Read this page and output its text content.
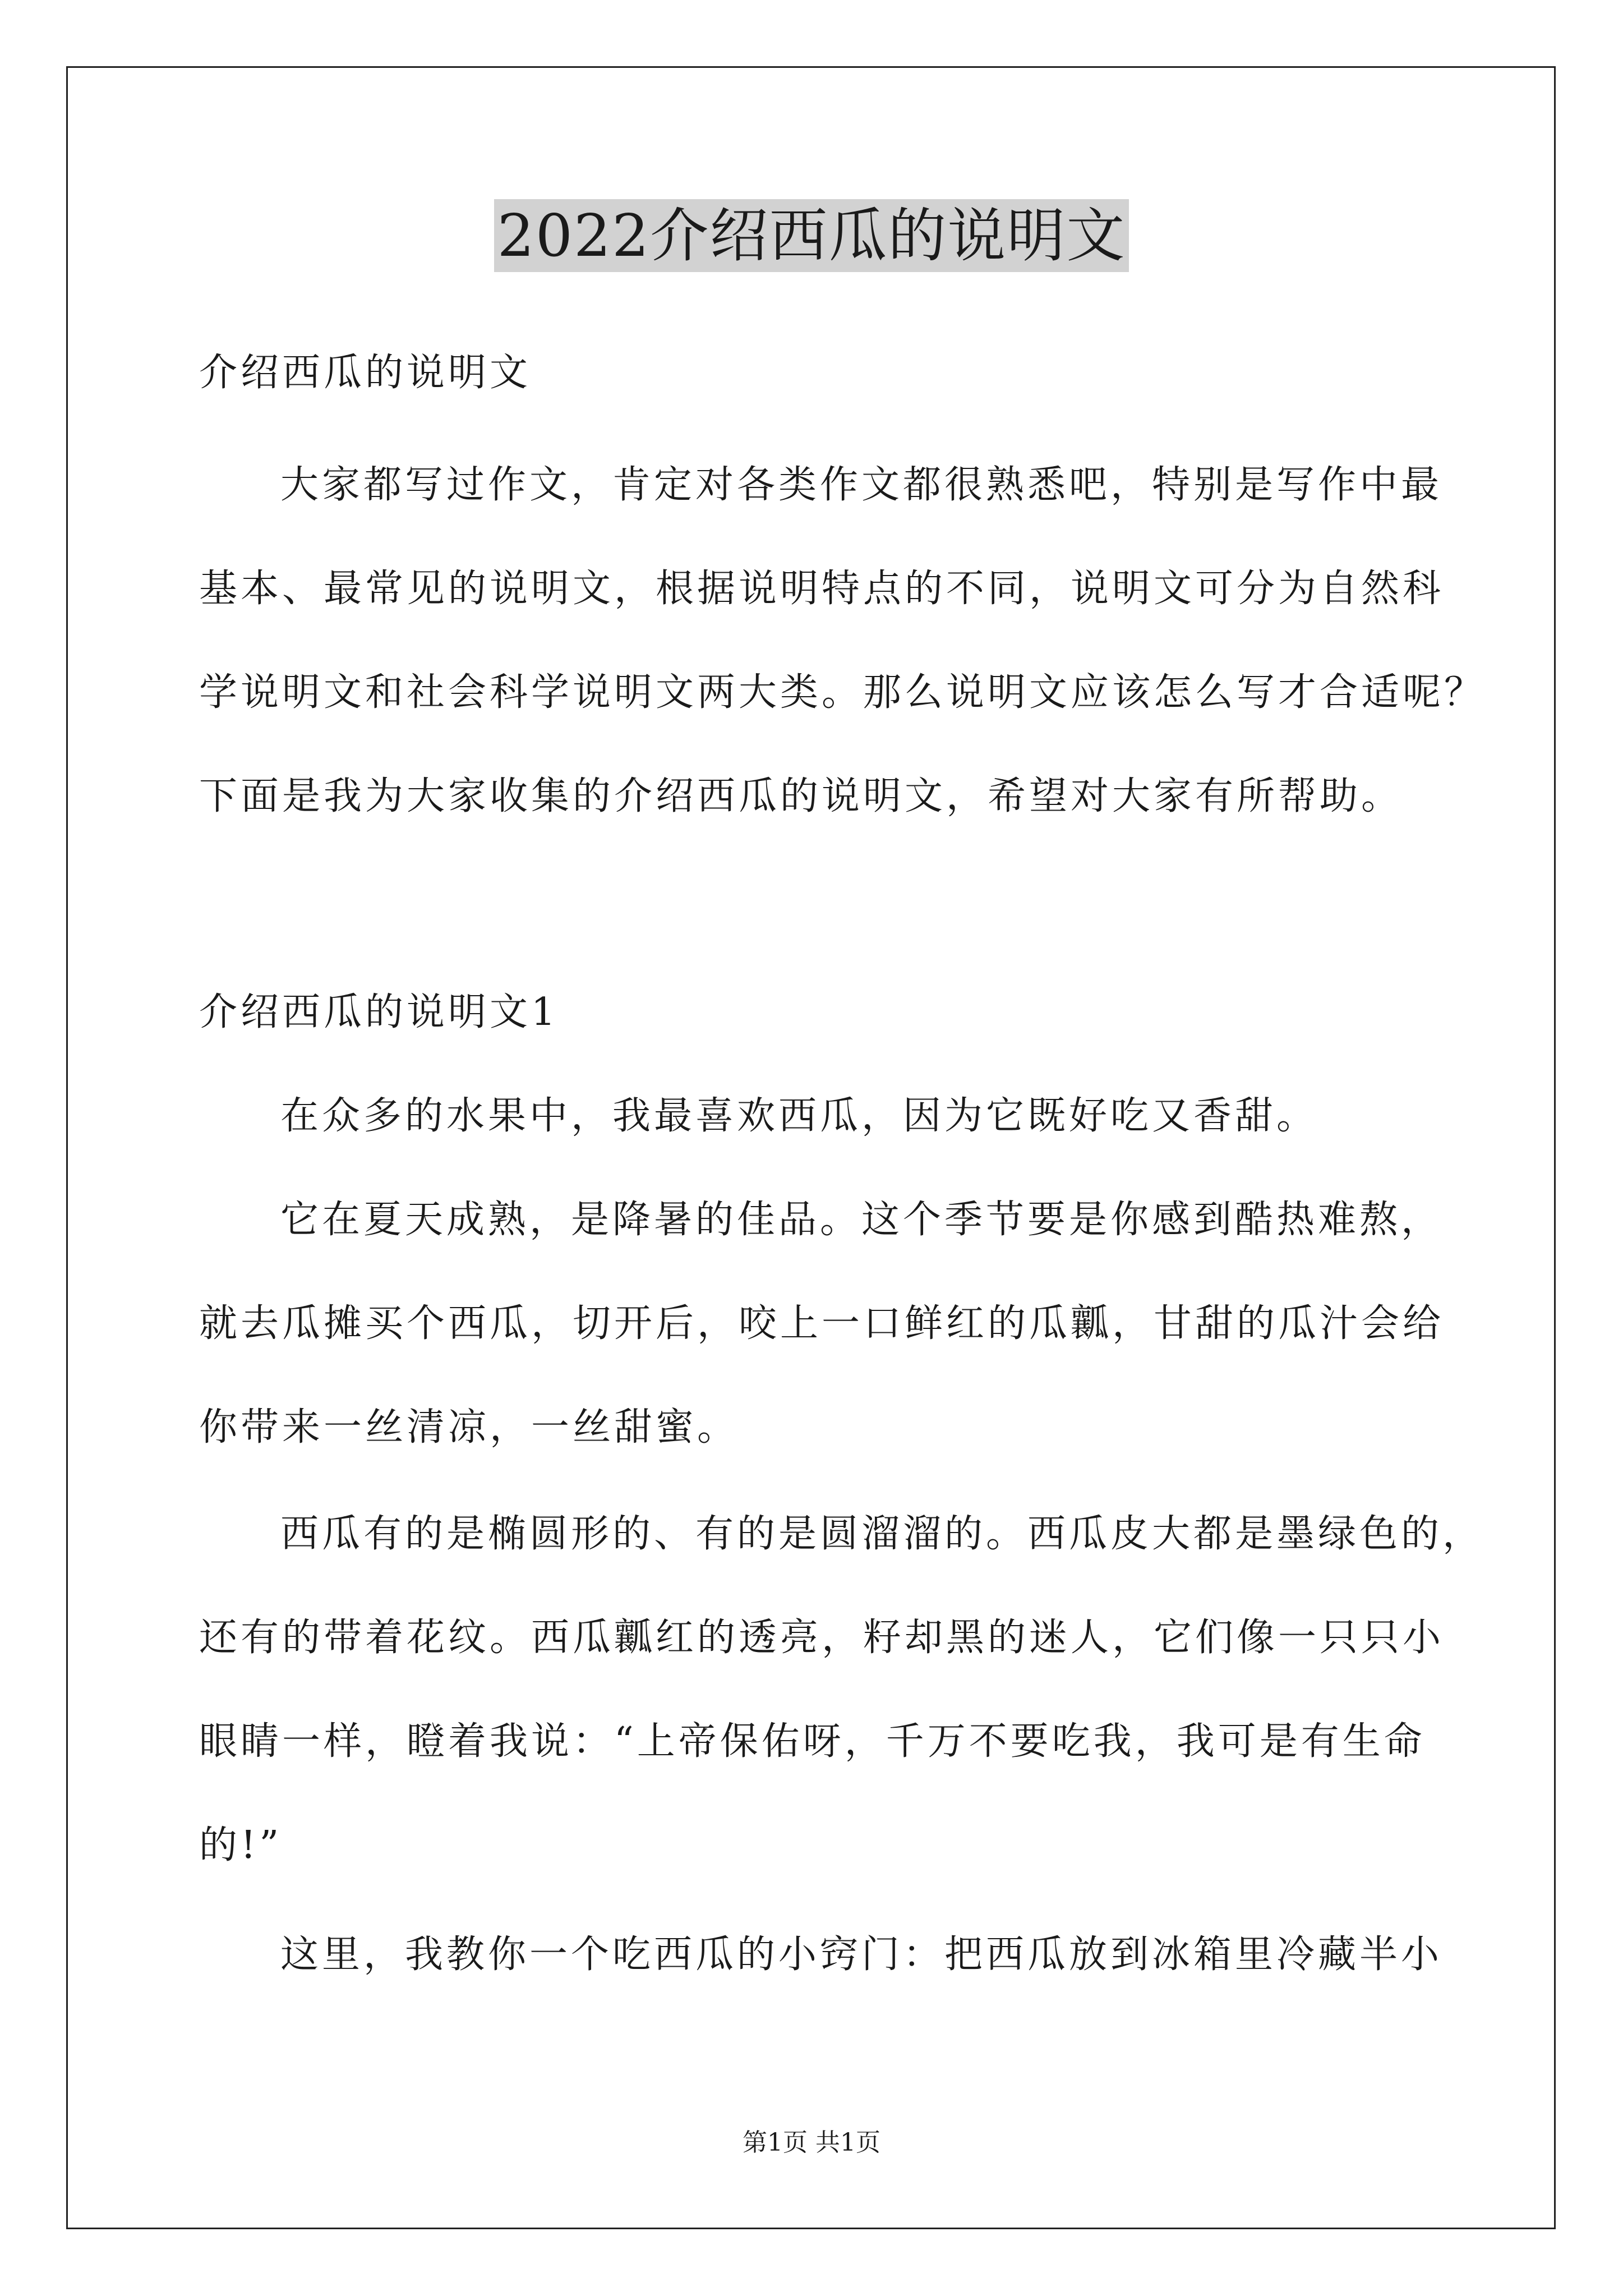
2022介绍西瓜的说明文
介绍西瓜的说明文
大家都写过作文，肯定对各类作文都很熟悉吧，特别是写作中最
基本、最常见的说明文，根据说明特点的不同，说明文可分为自然科
学说明文和社会科学说明文两大类。那么说明文应该怎么写才合适呢？
下面是我为大家收集的介绍西瓜的说明文，希望对大家有所帮助。
介绍西瓜的说明文1
在众多的水果中，我最喜欢西瓜，因为它既好吃又香甜。
它在夏天成熟，是降暑的佳品。这个季节要是你感到酷热难熬，
就去瓜摊买个西瓜，切开后，咬上一口鲜红的瓜瓤，甘甜的瓜汁会给
你带来一丝清凉，一丝甜蜜。
西瓜有的是椭圆形的、有的是圆溜溜的。西瓜皮大都是墨绿色的，
还有的带着花纹。西瓜瓤红的透亮，籽却黑的迷人，它们像一只只小
眼睛一样，瞪着我说：“上帝保佑呀，千万不要吃我，我可是有生命
的!”
这里，我教你一个吃西瓜的小窍门：把西瓜放到冰箱里冷藏半小
第1页 共1页
